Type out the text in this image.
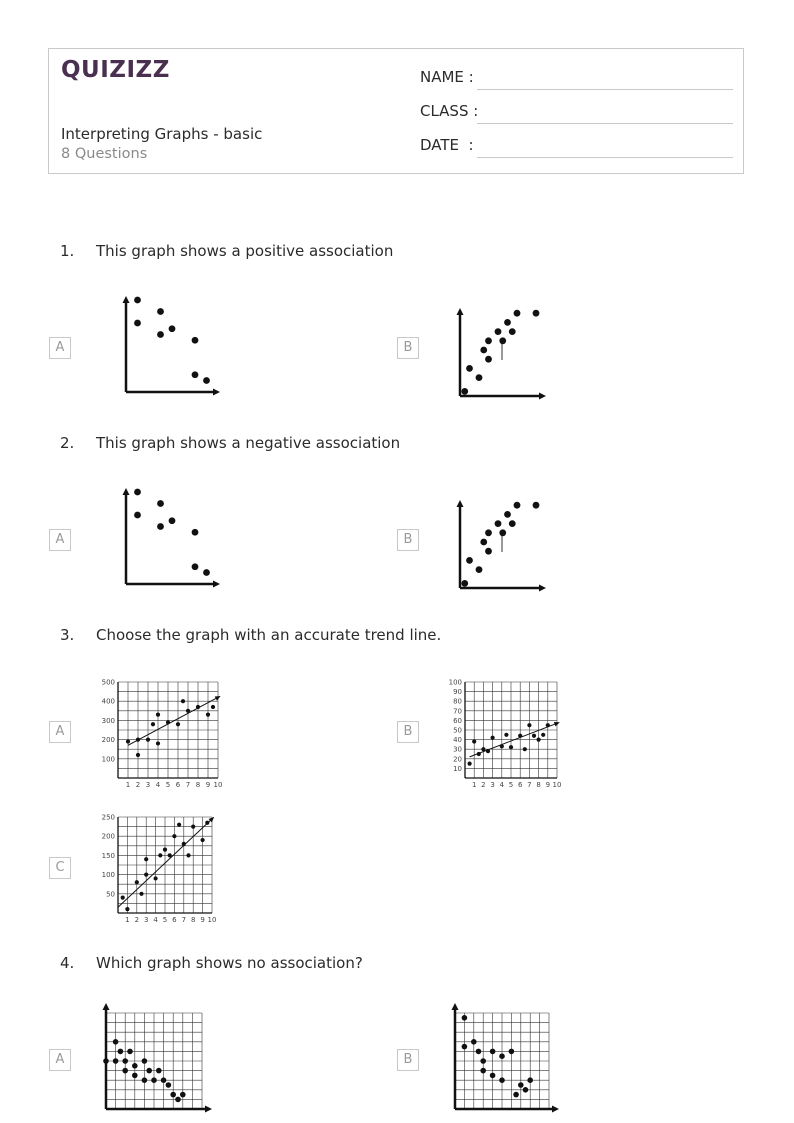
QUIZIZZ
Interpreting Graphs - basic
8 Questions
NAME :
CLASS :
DATE  :
1. This graph shows a positive association
A	B
2. This graph shows a negative association
A	B
3. Choose the graph with an accurate trend line.
A
1 2 3 4 5 6 7 8 9 10
500
400
300
200
100
B
1 2 3 4 5 6 7 8 9 10
100
90
80
70
60
50
40
30
20
10
C
1 2 3 4 5 6 7 8 9 10
250
200
150
100
50
4. Which graph shows no association?
A	B
